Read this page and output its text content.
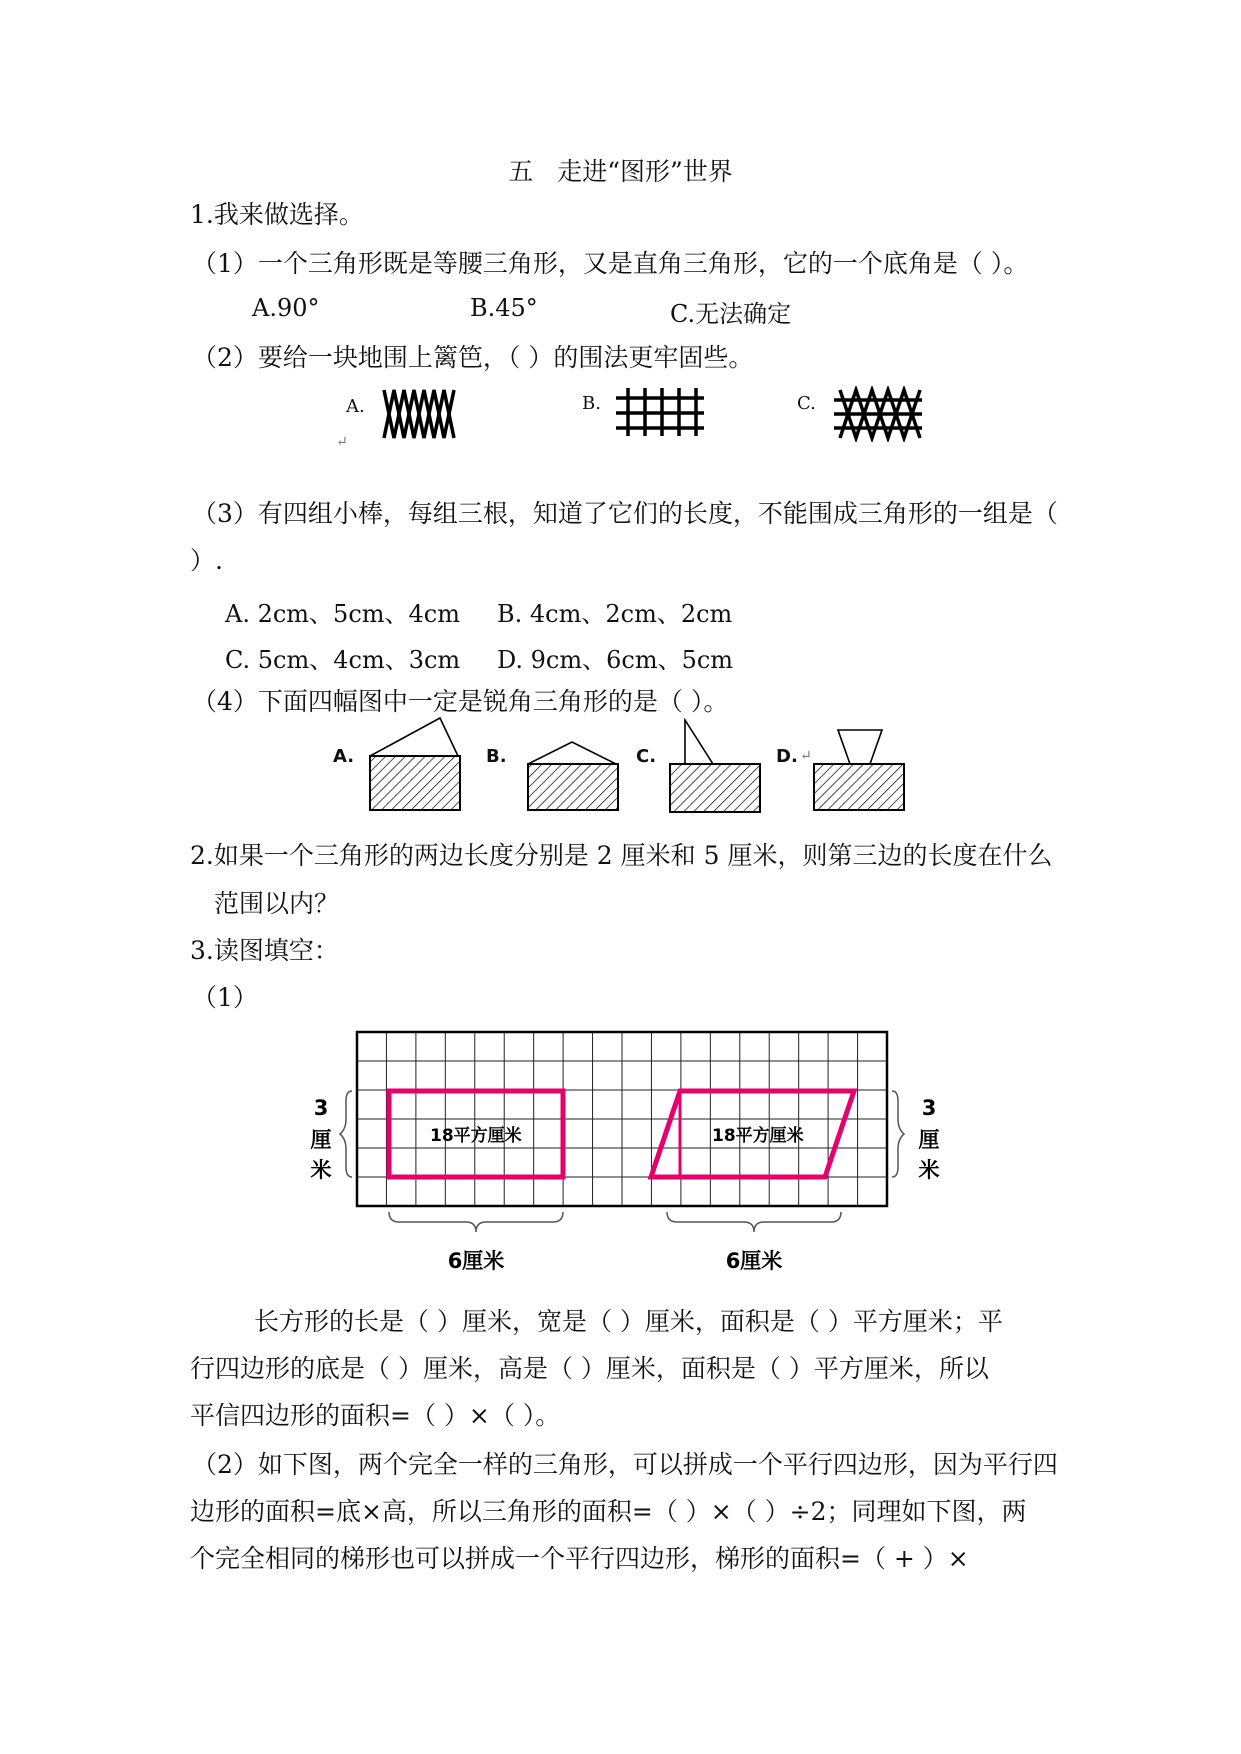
五 走进“图形”世界
1.我来做选择。
（1）一个三角形既是等腰三角形，又是直角三角形，它的一个底角是（ ）。
A.90°	B.45°	C.无法确定
（2）要给一块地围上篱笆，（ ）的围法更牢固些。
A.
↵
B.	C.
（3）有四组小棒，每组三根，知道了它们的长度，不能围成三角形的一组是（
）.
A. 2cm、5cm、4cm B. 4cm、2cm、2cm
C. 5cm、4cm、3cm D. 9cm、6cm、5cm
（4）下面四幅图中一定是锐角三角形的是（ ）。
A.	B.	C.	D. ↵
2.如果一个三角形的两边长度分别是 2 厘米和 5 厘米，则第三边的长度在什么
范围以内？
3.读图填空：
（1）
18平方厘米	18平方厘米
3
厘
米
3
厘
米
6厘米	6厘米
长方形的长是（ ）厘米，宽是（ ）厘米，面积是（ ）平方厘米；平
行四边形的底是（ ）厘米，高是（ ）厘米，面积是（ ）平方厘米，所以
平信四边形的面积=（ ）×（ ）。
（2）如下图，两个完全一样的三角形，可以拼成一个平行四边形，因为平行四
边形的面积=底×高，所以三角形的面积=（ ）×（ ）÷2；同理如下图，两
个完全相同的梯形也可以拼成一个平行四边形，梯形的面积=（ + ）×
